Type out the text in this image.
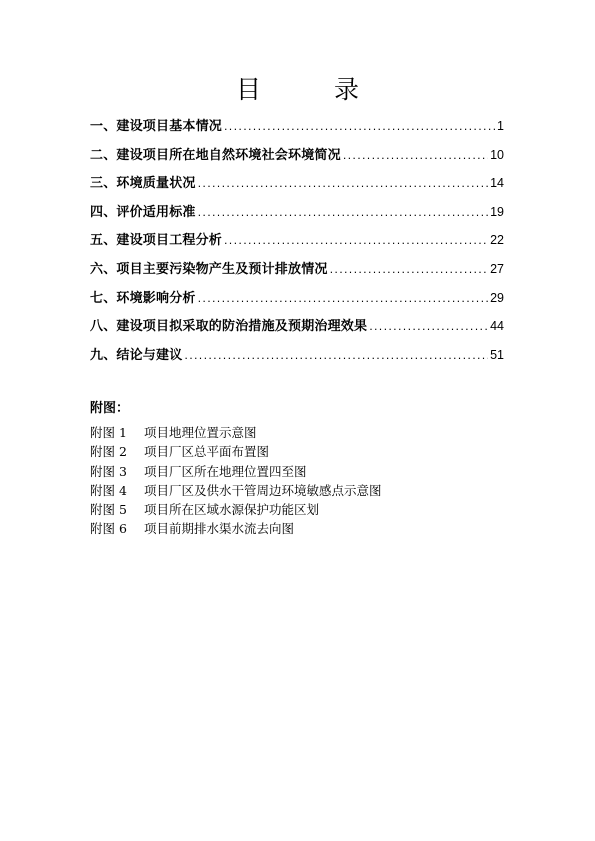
目　录
一、建设项目基本情况 .....	1
二、建设项目所在地自然环境社会环境简况 .....	10
三、环境质量状况 .....	14
四、评价适用标准 .....	19
五、建设项目工程分析 .....	22
六、项目主要污染物产生及预计排放情况 .....	27
七、环境影响分析 .....	29
八、建设项目拟采取的防治措施及预期治理效果 .....	44
九、结论与建议 .....	51
附图：
附图 1 项目地理位置示意图
附图 2 项目厂区总平面布置图
附图 3 项目厂区所在地理位置四至图
附图 4 项目厂区及供水干管周边环境敏感点示意图
附图 5 项目所在区域水源保护功能区划
附图 6 项目前期排水渠水流去向图
